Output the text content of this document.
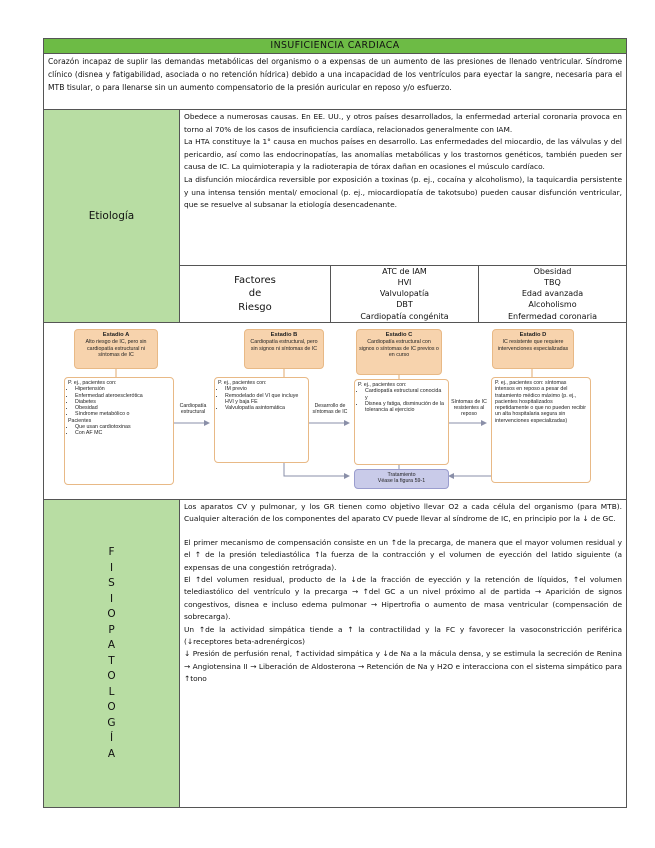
INSUFICIENCIA CARDIACA
Corazón incapaz de suplir las demandas metabólicas del organismo o a expensas de un aumento de las presiones de llenado ventricular. Síndrome clínico (disnea y fatigabilidad, asociada o no retención hídrica) debido a una incapacidad de los ventrículos para eyectar la sangre, necesaria para el MTB tisular, o para llenarse sin un aumento compensatorio de la presión auricular en reposo y/o esfuerzo.
Etiología

Obedece a numerosas causas. En EE. UU., y otros países desarrollados, la enfermedad arterial coronaria provoca en torno al 70% de los casos de insuficiencia cardíaca, relacionados generalmente con IAM.

La HTA constituye la 1° causa en muchos países en desarrollo. Las enfermedades del miocardio, de las válvulas y del pericardio, así como las endocrinopatías, las anomalías metabólicas y los trastornos genéticos, también pueden ser causa de IC. La quimioterapia y la radioterapia de tórax dañan en ocasiones el músculo cardíaco.

La disfunción miocárdica reversible por exposición a toxinas (p. ej., cocaína y alcoholismo), la taquicardia persistente y una intensa tensión mental/ emocional (p. ej., miocardiopatía de takotsubo) pueden causar disfunción ventricular, que se resuelve al subsanar la etiología desencadenante.

Factores
de
Riesgo
ATC de IAM
HVI
Valvulopatía
DBT
Cardiopatía congénita
Obesidad
TBQ
Edad avanzada
Alcoholismo
Enfermedad coronaria
Estadio A
Alto riesgo de IC, pero sin cardiopatía estructural ni síntomas de IC
Estadio B
Cardiopatía estructural, pero sin signos ni síntomas de IC
Estadio C
Cardiopatía estructural con signos o síntomas de IC previos o en curso
Estadio D
IC resistente que requiere intervenciones especializadas
P. ej., pacientes con:
• Hipertensión
• Enfermedad ateroesclerótica
• Diabetes
• Obesidad
• Síndrome metabólico o
Pacientes
• Que usan cardiotoxinas
• Con AF MC
P. ej., pacientes con:
• IM previo
• Remodelado del VI que incluye HVI y baja FE
• Valvulopatía asintomática
P. ej., pacientes con:
• Cardiopatía estructural conocida y
• Disnea y fatiga, disminución de la tolerancia al ejercicio
P. ej., pacientes con: síntomas intensos en reposo a pesar del tratamiento médico máximo (p. ej., pacientes hospitalizados repetidamente o que no pueden recibir un alta hospitalaria segura sin intervenciones especializadas)
Cardiopatía estructural
Desarrollo de síntomas de IC
Síntomas de IC resistentes al reposo
Tratamiento
Véase la figura 59-1
F
I
S
I
O
P
A
T
O
L
O
G
Í
A

Los aparatos CV y pulmonar, y los GR tienen como objetivo llevar O2 a cada célula del organismo (para MTB). Cualquier alteración de los componentes del aparato CV puede llevar al síndrome de IC, en principio por la ↓ de GC.

El primer mecanismo de compensación consiste en un ↑de la precarga, de manera que el mayor volumen residual y el ↑ de la presión telediastólica ↑la fuerza de la contracción y el volumen de eyección del latido siguiente (a expensas de una congestión retrógrada).

El ↑del volumen residual, producto de la ↓de la fracción de eyección y la retención de líquidos, ↑el volumen telediastólico del ventrículo y la precarga → ↑del GC a un nivel próximo al de partida → Aparición de signos congestivos, disnea e incluso edema pulmonar → Hipertrofia o aumento de masa ventricular (compensación de sobrecarga).

Un ↑de la actividad simpática tiende a ↑ la contractilidad y la FC y favorecer la vasoconstricción periférica (↓receptores beta-adrenérgicos)

↓ Presión de perfusión renal, ↑actividad simpática y ↓de Na a la mácula densa, y se estimula la secreción de Renina → Angiotensina II → Liberación de Aldosterona → Retención de Na y H2O e interacciona con el sistema simpático para ↑tono
